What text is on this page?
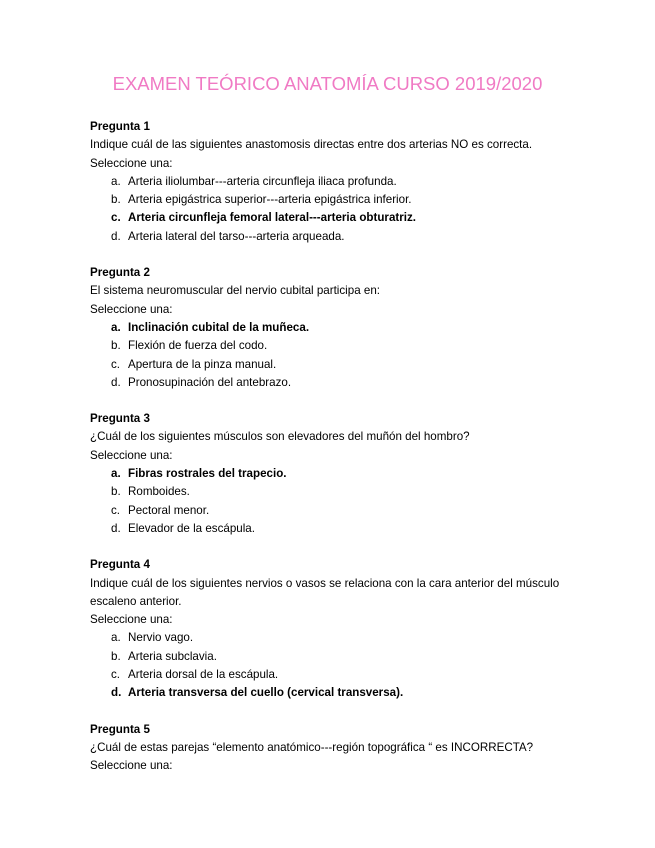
EXAMEN TEÓRICO ANATOMÍA CURSO 2019/2020
Pregunta 1
Indique cuál de las siguientes anastomosis directas entre dos arterias NO es correcta.
Seleccione una:
a. Arteria iliolumbar---arteria circunfleja iliaca profunda.
b. Arteria epigástrica superior---arteria epigástrica inferior.
c. Arteria circunfleja femoral lateral---arteria obturatriz.
d. Arteria lateral del tarso---arteria arqueada.
Pregunta 2
El sistema neuromuscular del nervio cubital participa en:
Seleccione una:
a. Inclinación cubital de la muñeca.
b. Flexión de fuerza del codo.
c. Apertura de la pinza manual.
d. Pronosupinación del antebrazo.
Pregunta 3
¿Cuál de los siguientes músculos son elevadores del muñón del hombro?
Seleccione una:
a. Fibras rostrales del trapecio.
b. Romboides.
c. Pectoral menor.
d. Elevador de la escápula.
Pregunta 4
Indique cuál de los siguientes nervios o vasos se relaciona con la cara anterior del músculo escaleno anterior.
Seleccione una:
a. Nervio vago.
b. Arteria subclavia.
c. Arteria dorsal de la escápula.
d. Arteria transversa del cuello (cervical transversa).
Pregunta 5
¿Cuál de estas parejas “elemento anatómico---región topográfica “ es INCORRECTA?
Seleccione una:
